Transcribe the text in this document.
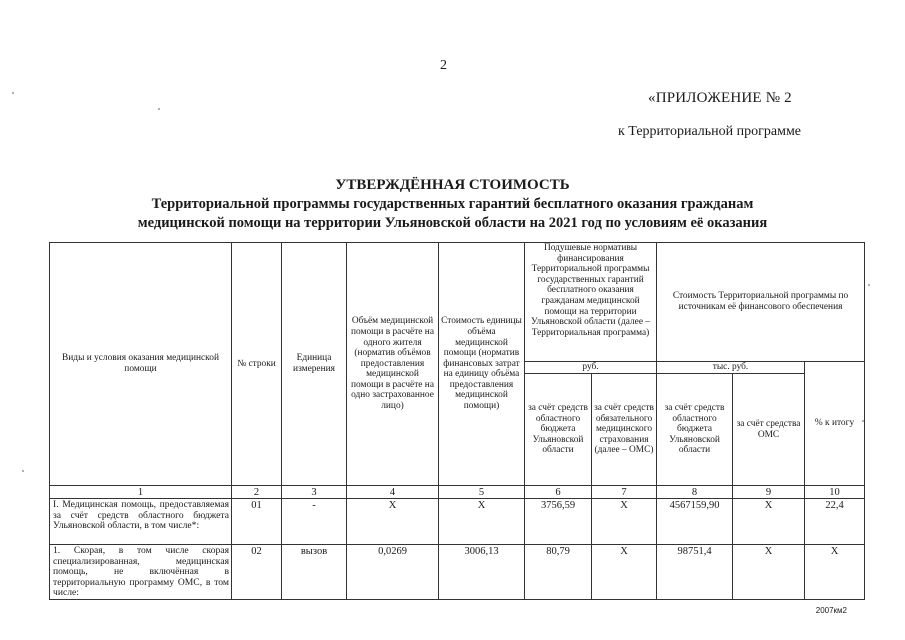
2
«ПРИЛОЖЕНИЕ № 2
к Территориальной программе
УТВЕРЖДЁННАЯ СТОИМОСТЬ
Территориальной программы государственных гарантий бесплатного оказания гражданам
медицинской помощи на территории Ульяновской области на 2021 год по условиям её оказания
Виды и условия оказания медицинской помощи	№ строки	Единица измерения	Объём медицинской помощи в расчёте на одного жителя (норматив объёмов предоставления медицинской помощи в расчёте на одно застрахованное лицо)	Стоимость единицы объёма медицинской помощи (норматив финансовых затрат на единицу объёма предоставления медицинской помощи)	Подушевые нормативы финансирования Территориальной программы государственных гарантий бесплатного оказания гражданам медицинской помощи на территории Ульяновской области (далее – Территориальная программа)		Стоимость Территориальной программы по источникам её финансового обеспечения		
					руб.		тыс. руб.		% к итогу
					за счёт средств областного бюджета Ульяновской области	за счёт средств обязательного медицинского страхования (далее – ОМС)	за счёт средств областного бюджета Ульяновской области	за счёт средства ОМС	
1	2	3	4	5	6	7	8	9	10
I. Медицинская помощь, предоставляемая за счёт средств областного бюджета Ульяновской области, в том числе*:	01	-	Х	Х	3756,59	Х	4567159,90	Х	22,4
1. Скорая, в том числе скорая специализированная, медицинская помощь, не включённая в территориальную программу ОМС, в том числе:	02	вызов	0,0269	3006,13	80,79	Х	98751,4	Х	Х
2007км2
